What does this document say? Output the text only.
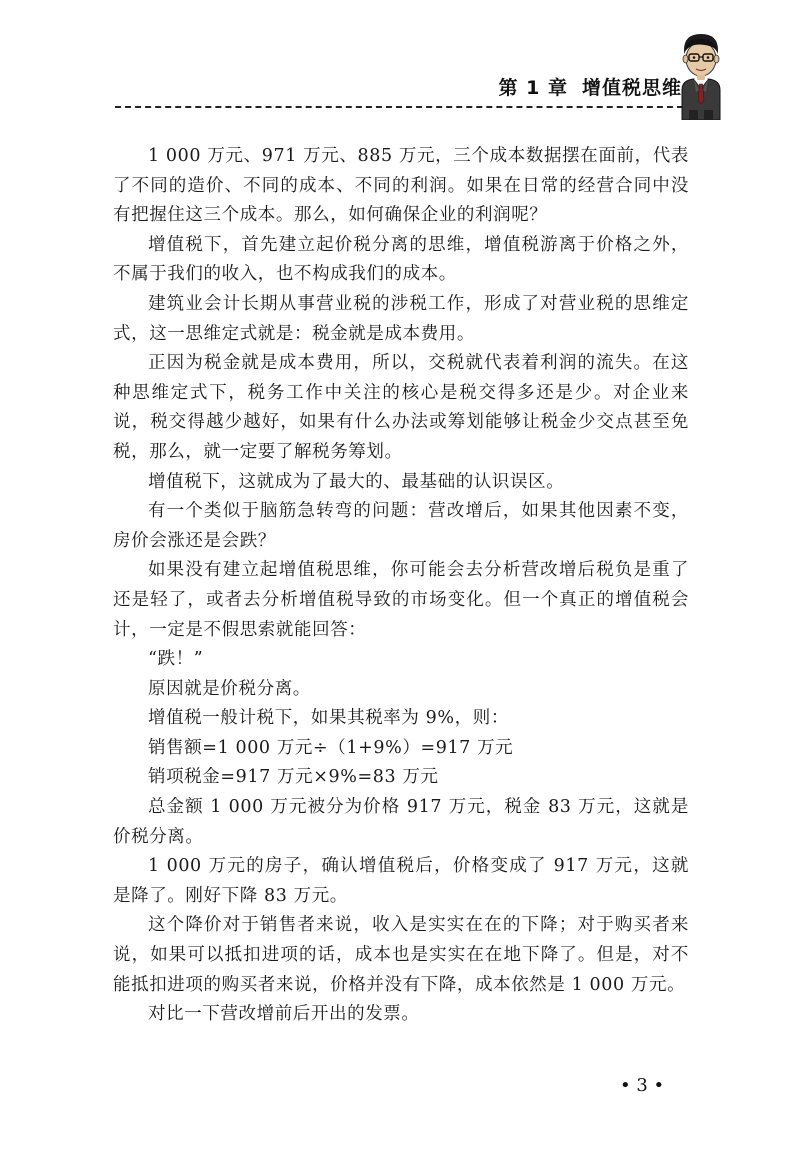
第 1 章 增值税思维

1 000 万元、971 万元、885 万元，三个成本数据摆在面前，代表了不同的造价、不同的成本、不同的利润。如果在日常的经营合同中没有把握住这三个成本。那么，如何确保企业的利润呢？

增值税下，首先建立起价税分离的思维，增值税游离于价格之外，不属于我们的收入，也不构成我们的成本。

建筑业会计长期从事营业税的涉税工作，形成了对营业税的思维定式，这一思维定式就是：税金就是成本费用。

正因为税金就是成本费用，所以，交税就代表着利润的流失。在这种思维定式下，税务工作中关注的核心是税交得多还是少。对企业来说，税交得越少越好，如果有什么办法或筹划能够让税金少交点甚至免税，那么，就一定要了解税务筹划。

增值税下，这就成为了最大的、最基础的认识误区。

有一个类似于脑筋急转弯的问题：营改增后，如果其他因素不变，房价会涨还是会跌？

如果没有建立起增值税思维，你可能会去分析营改增后税负是重了还是轻了，或者去分析增值税导致的市场变化。但一个真正的增值税会计，一定是不假思索就能回答：

“跌！”

原因就是价税分离。

增值税一般计税下，如果其税率为 9%，则：

销售额=1 000 万元÷（1+9%）=917 万元

销项税金=917 万元×9%=83 万元

总金额 1 000 万元被分为价格 917 万元，税金 83 万元，这就是价税分离。

1 000 万元的房子，确认增值税后，价格变成了 917 万元，这就是降了。刚好下降 83 万元。

这个降价对于销售者来说，收入是实实在在的下降；对于购买者来说，如果可以抵扣进项的话，成本也是实实在在地下降了。但是，对不能抵扣进项的购买者来说，价格并没有下降，成本依然是 1 000 万元。

对比一下营改增前后开出的发票。

• 3 •
